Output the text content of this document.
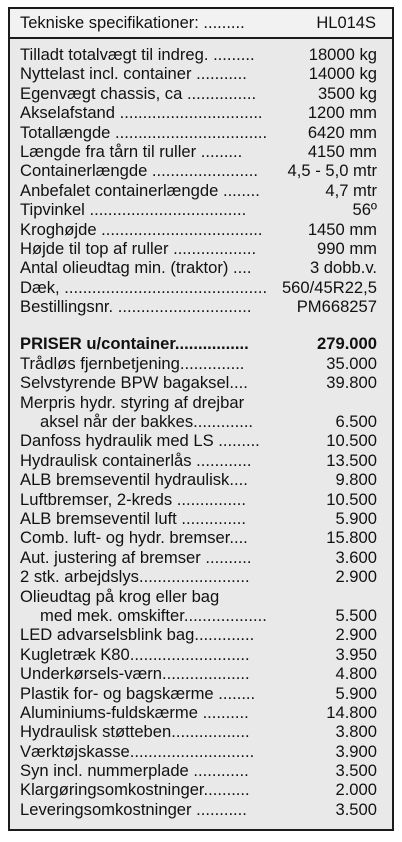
Tekniske specifikationer: .........	HL014S
Tilladt totalvægt til indreg. .........	18000 kg
Nyttelast incl. container ...........	14000 kg
Egenvægt chassis, ca ...............	3500 kg
Akselafstand ...............................	1200 mm
Totallængde ................................. 6420 mm
Længde fra tårn til ruller .........	4150 mm
Containerlængde ....................... 4,5 - 5,0 mtr
Anbefalet containerlængde ........	4,7 mtr
Tipvinkel ..................................	56º
Kroghøjde ...................................	1450 mm
Højde til top af ruller ..................	990 mm
Antal olieudtag min. (traktor) ....	3 dobb.v.
Dæk, ............................................ 560/45R22,5
Bestillingsnr. .............................	PM668257
PRISER u/container................	279.000
Trådløs fjernbetjening..............	35.000
Selvstyrende BPW bagaksel....	39.800
Merpris hydr. styring af drejbar
aksel når der bakkes.............	6.500
Danfoss hydraulik med LS .........	10.500
Hydraulisk containerlås ............	13.500
ALB bremseventil hydraulisk....	9.800
Luftbremser, 2-kreds ...............	10.500
ALB bremseventil luft ..............	5.900
Comb. luft- og hydr. bremser....	15.800
Aut. justering af bremser ..........	3.600
2 stk. arbejdslys........................	2.900
Olieudtag på krog eller bag
med mek. omskifter..................	5.500
LED advarselsblink bag.............	2.900
Kugletræk K80..........................	3.950
Underkørsels-værn...................	4.800
Plastik for- og bagskærme ........	5.900
Aluminiums-fuldskærme ..........	14.800
Hydraulisk støtteben.................	3.800
Værktøjskasse...........................	3.900
Syn incl. nummerplade ............	3.500
Klargøringsomkostninger..........	2.000
Leveringsomkostninger ...........	3.500
